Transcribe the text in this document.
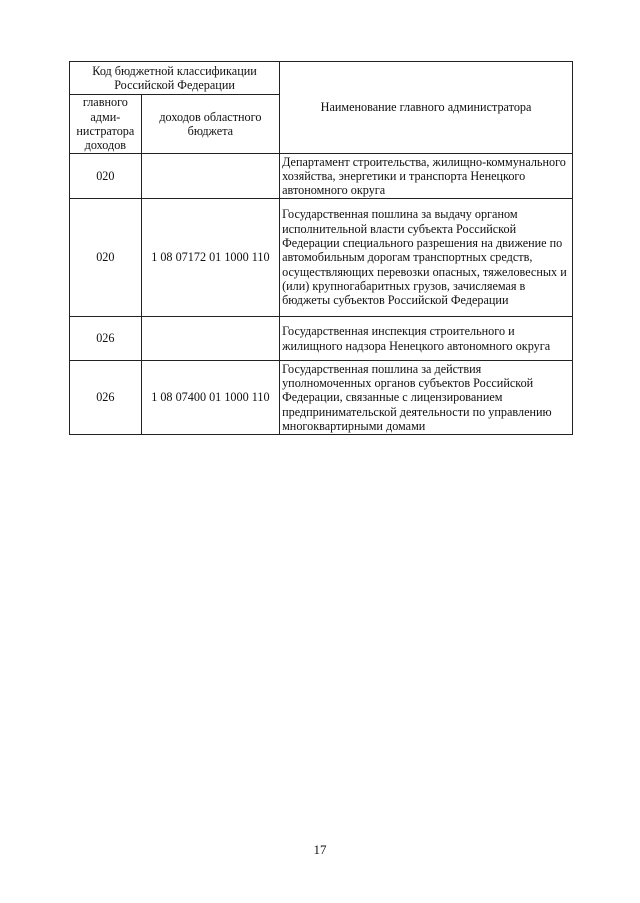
Код бюджетной классификации Российской Федерации		Наименование главного администратора
главного адми-нистратора доходов	доходов областного бюджета	
020		Департамент строительства, жилищно-коммунального хозяйства, энергетики и транспорта Ненецкого автономного округа
020	1 08 07172 01 1000 110	Государственная пошлина за выдачу органом исполнительной власти субъекта Российской Федерации специального разрешения на движение по автомобильным дорогам транспортных средств, осуществляющих перевозки опасных, тяжеловесных и (или) крупногабаритных грузов, зачисляемая в бюджеты субъектов Российской Федерации
026		Государственная инспекция строительного и жилищного надзора Ненецкого автономного округа
026	1 08 07400 01 1000 110	Государственная пошлина за действия уполномоченных органов субъектов Российской Федерации, связанные с лицензированием предпринимательской деятельности по управлению многоквартирными домами
17
